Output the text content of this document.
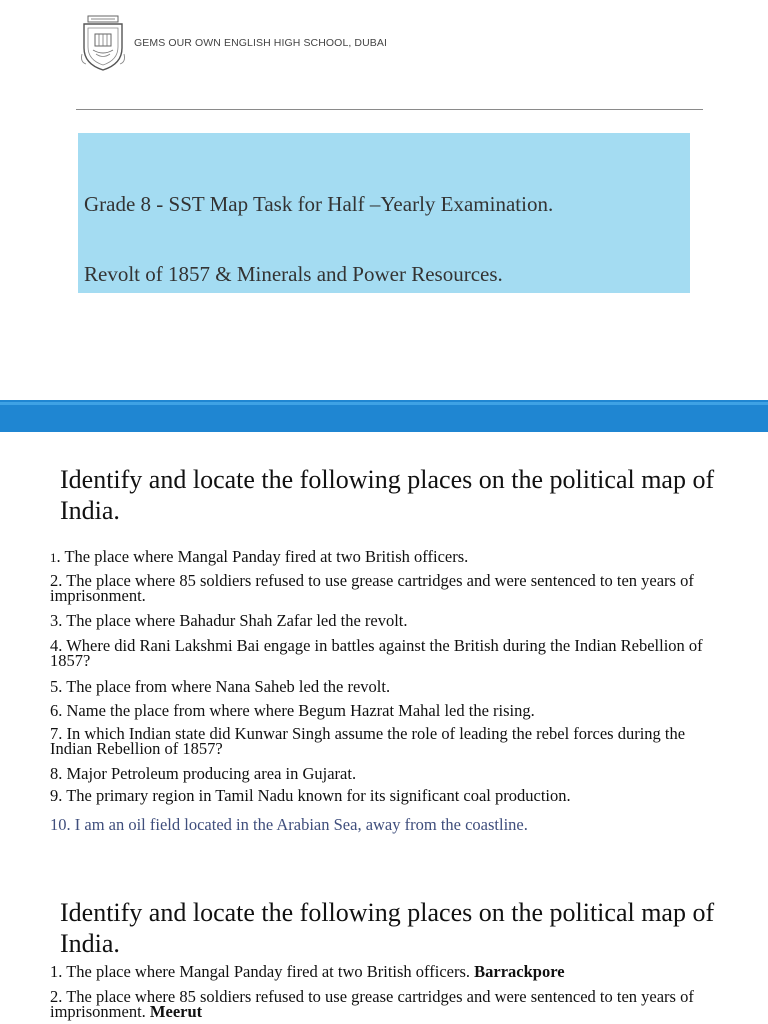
GEMS OUR OWN ENGLISH HIGH SCHOOL, DUBAI
Grade 8 - SST Map Task for Half –Yearly Examination.
Revolt of 1857 & Minerals and Power Resources.
Identify and locate the following places on the political map of India.
1. The place where Mangal Panday fired at two British officers.
2. The place where 85 soldiers refused to use grease cartridges and were sentenced to ten years of imprisonment.
3. The place where Bahadur Shah Zafar led the revolt.
4. Where did Rani Lakshmi Bai engage in battles against the British during the Indian Rebellion of 1857?
5. The place from where Nana Saheb led the revolt.
6. Name the place from where where Begum Hazrat Mahal led the rising.
7. In which Indian state did Kunwar Singh assume the role of leading the rebel forces during the Indian Rebellion of 1857?
8. Major Petroleum producing area in Gujarat.
9. The primary region in Tamil Nadu known for its significant coal production.
10. I am an oil field located in the Arabian Sea, away from the coastline.
Identify and locate the following places on the political map of India.
1. The place where Mangal Panday fired at two British officers. Barrackpore
2. The place where 85 soldiers refused to use grease cartridges and were sentenced to ten years of imprisonment. Meerut
